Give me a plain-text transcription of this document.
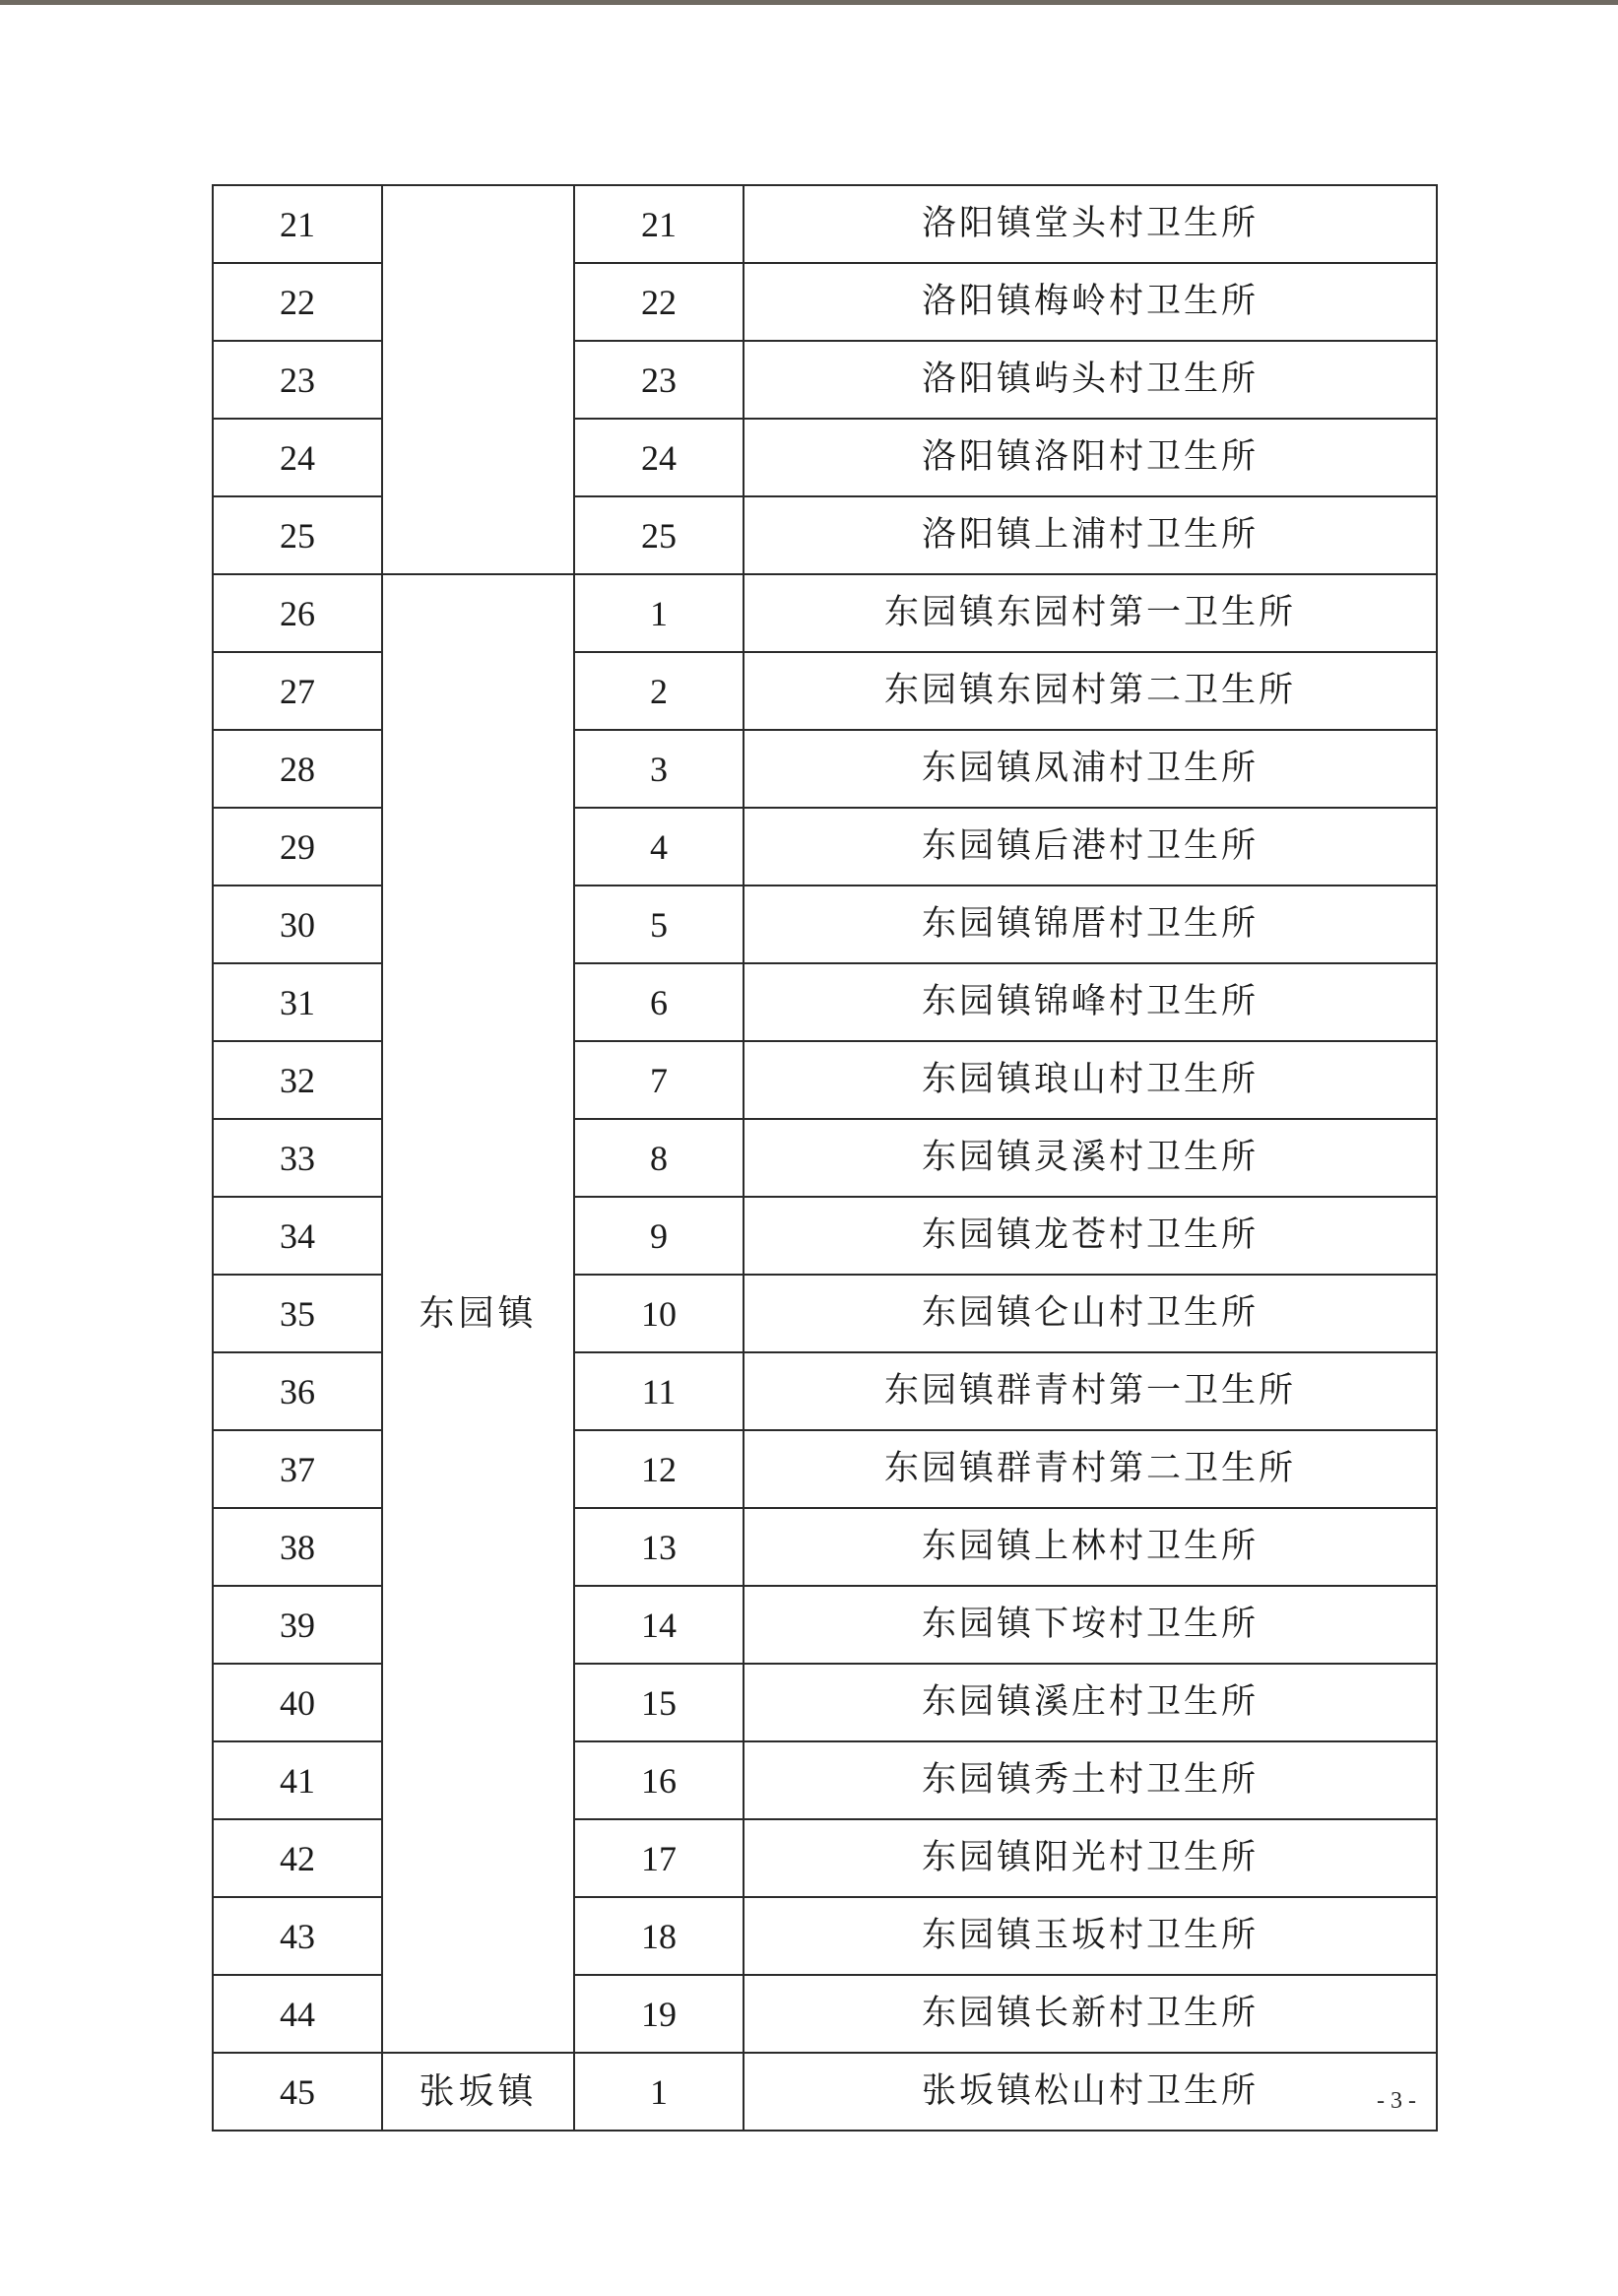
21		21	洛阳镇堂头村卫生所
22		22	洛阳镇梅岭村卫生所
23		23	洛阳镇屿头村卫生所
24		24	洛阳镇洛阳村卫生所
25		25	洛阳镇上浦村卫生所
26	东园镇	1	东园镇东园村第一卫生所
27		2	东园镇东园村第二卫生所
28		3	东园镇凤浦村卫生所
29		4	东园镇后港村卫生所
30		5	东园镇锦厝村卫生所
31		6	东园镇锦峰村卫生所
32		7	东园镇琅山村卫生所
33		8	东园镇灵溪村卫生所
34		9	东园镇龙苍村卫生所
35		10	东园镇仑山村卫生所
36		11	东园镇群青村第一卫生所
37		12	东园镇群青村第二卫生所
38		13	东园镇上林村卫生所
39		14	东园镇下垵村卫生所
40		15	东园镇溪庄村卫生所
41		16	东园镇秀土村卫生所
42		17	东园镇阳光村卫生所
43		18	东园镇玉坂村卫生所
44		19	东园镇长新村卫生所
45	张坂镇	1	张坂镇松山村卫生所	- 3 -
